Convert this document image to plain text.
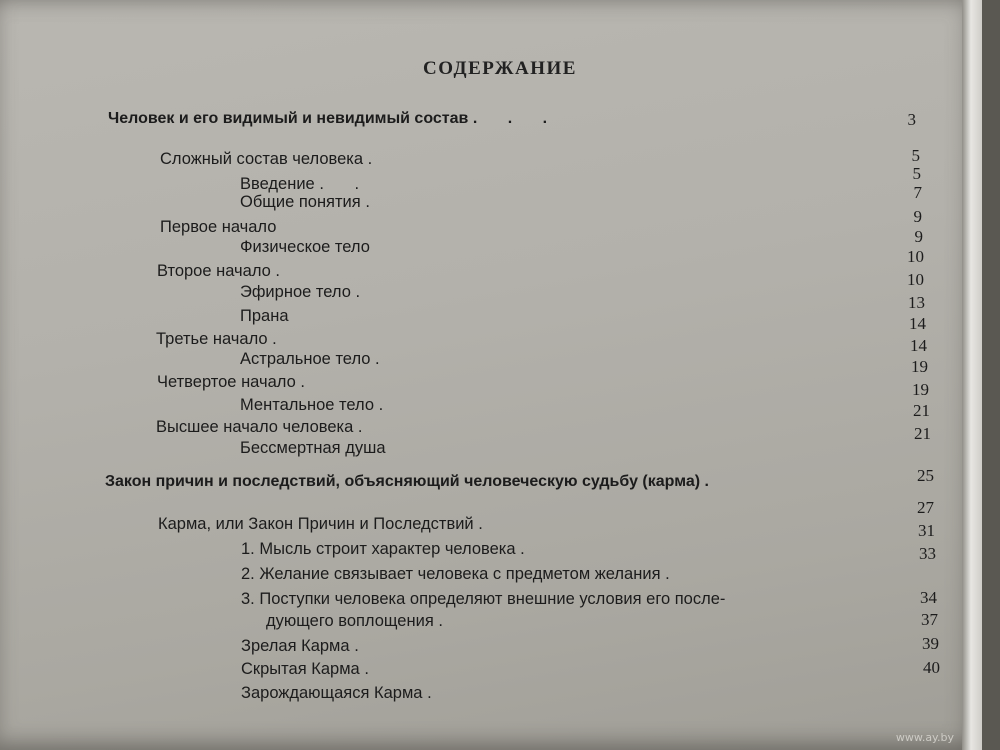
СОДЕРЖАНИЕ
Человек и его видимый и невидимый состав . . .
Сложный состав человека .
Введение . .
Общие понятия .
Первое начало
Физическое тело
Второе начало .
Эфирное тело .
Прана
Третье начало .
Астральное тело .
Четвертое начало .
Ментальное тело .
Высшее начало человека .
Бессмертная душа
Закон причин и последствий, объясняющий человеческую судьбу (карма) .
Карма, или Закон Причин и Последствий .
1. Мысль строит характер человека .
2. Желание связывает человека с предметом желания .
3. Поступки человека определяют внешние условия его после-
дующего воплощения .
Зрелая Карма .
Скрытая Карма .
Зарождающаяся Карма .
3
5
5
7
9
9
10
10
13
14
14
19
19
21
21
25
27
31
33
34
37
39
40
www.ay.by
